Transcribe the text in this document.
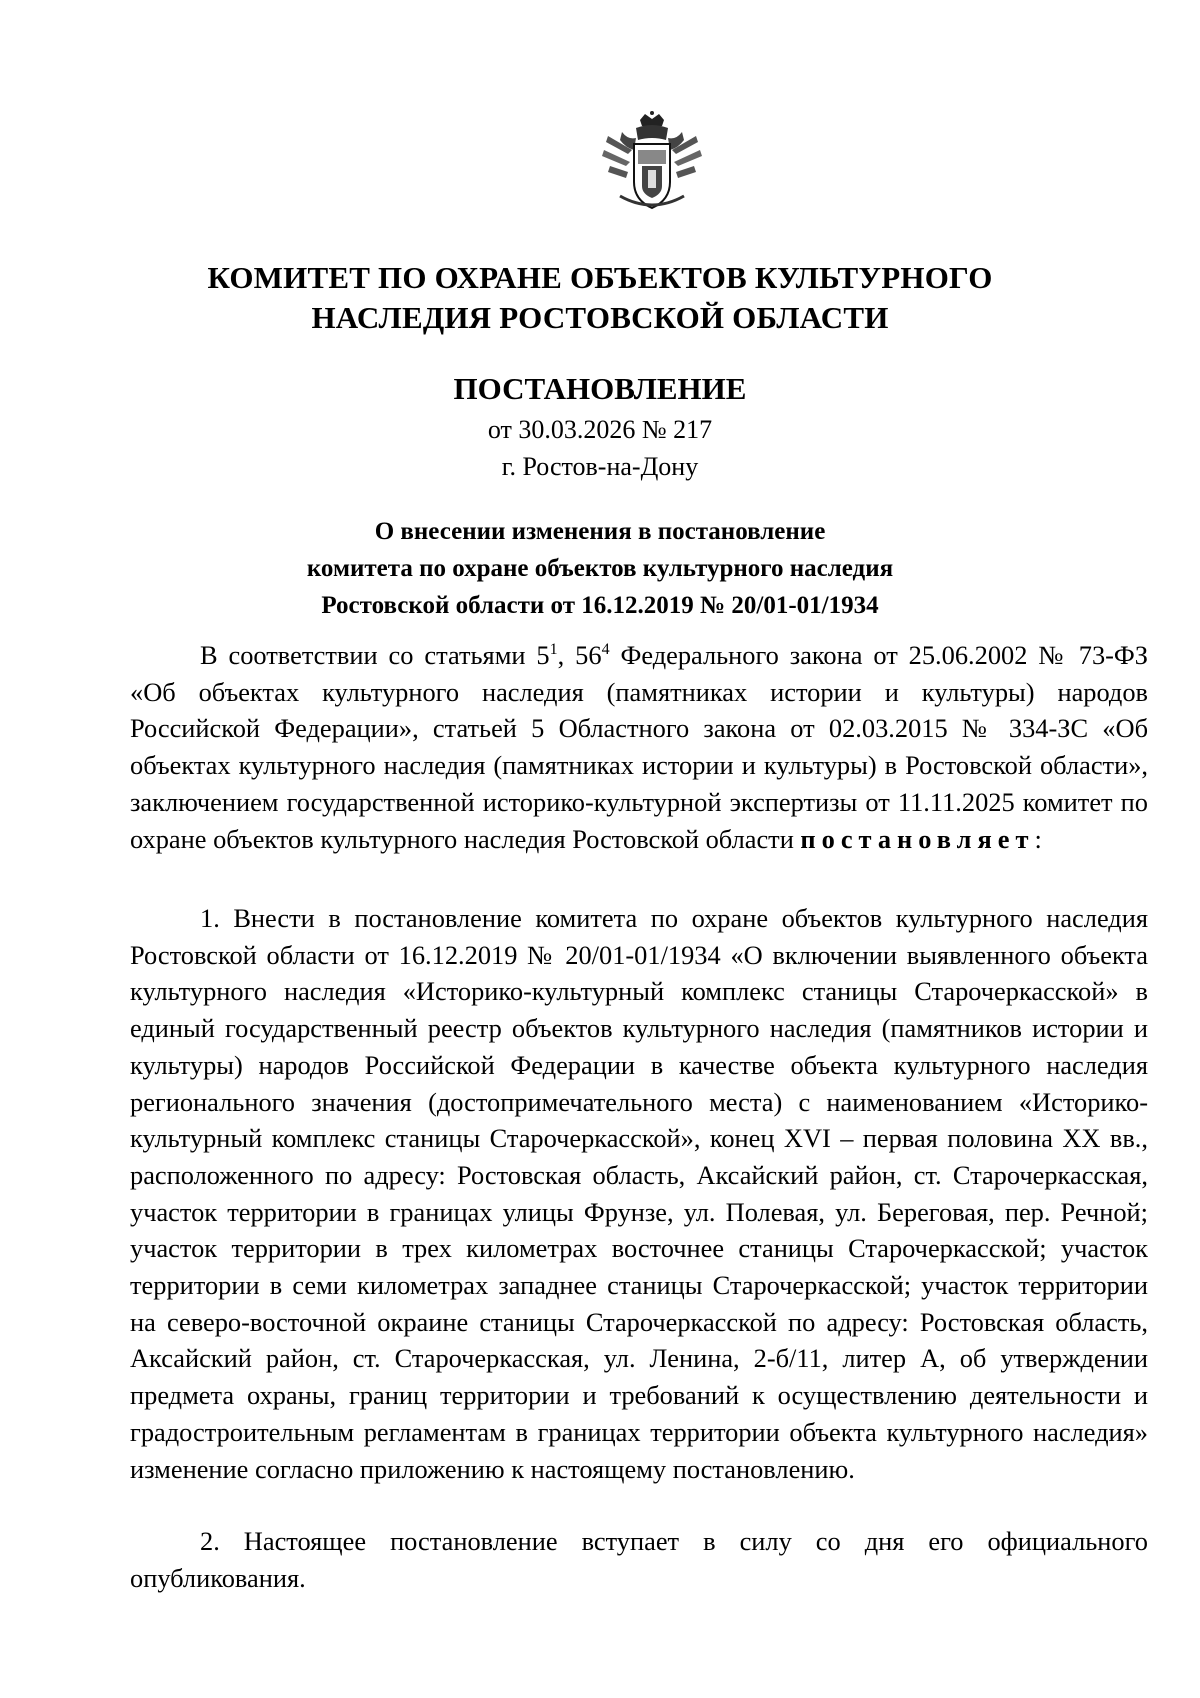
КОМИТЕТ ПО ОХРАНЕ ОБЪЕКТОВ КУЛЬТУРНОГО
НАСЛЕДИЯ РОСТОВСКОЙ ОБЛАСТИ
ПОСТАНОВЛЕНИЕ
от 30.03.2026 № 217
г. Ростов-на-Дону
О внесении изменения в постановление
комитета по охране объектов культурного наследия
Ростовской области от 16.12.2019 № 20/01-01/1934

В соответствии со статьями $5^1$, $56^4$ Федерального закона от 25.06.2002 № 73-ФЗ «Об объектах культурного наследия (памятниках истории и культуры) народов Российской Федерации», статьей 5 Областного закона от 02.03.2015 № 334-ЗС «Об объектах культурного наследия (памятниках истории и культуры) в Ростовской области», заключением государственной историко-культурной экспертизы от 11.11.2025 комитет по охране объектов культурного наследия Ростовской области постановляет:

1. Внести в постановление комитета по охране объектов культурного наследия Ростовской области от 16.12.2019 № 20/01-01/1934 «О включении выявленного объекта культурного наследия «Историко-культурный комплекс станицы Старочеркасской» в единый государственный реестр объектов культурного наследия (памятников истории и культуры) народов Российской Федерации в качестве объекта культурного наследия регионального значения (достопримечательного места) с наименованием «Историко-культурный комплекс станицы Старочеркасской», конец XVI – первая половина XX вв., расположенного по адресу: Ростовская область, Аксайский район, ст. Старочеркасская, участок территории в границах улицы Фрунзе, ул. Полевая, ул. Береговая, пер. Речной; участок территории в трех километрах восточнее станицы Старочеркасской; участок территории в семи километрах западнее станицы Старочеркасской; участок территории на северо-восточной окраине станицы Старочеркасской по адресу: Ростовская область, Аксайский район, ст. Старочеркасская, ул. Ленина, 2-б/11, литер А, об утверждении предмета охраны, границ территории и требований к осуществлению деятельности и градостроительным регламентам в границах территории объекта культурного наследия» изменение согласно приложению к настоящему постановлению.

2. Настоящее постановление вступает в силу со дня его официального опубликования.
